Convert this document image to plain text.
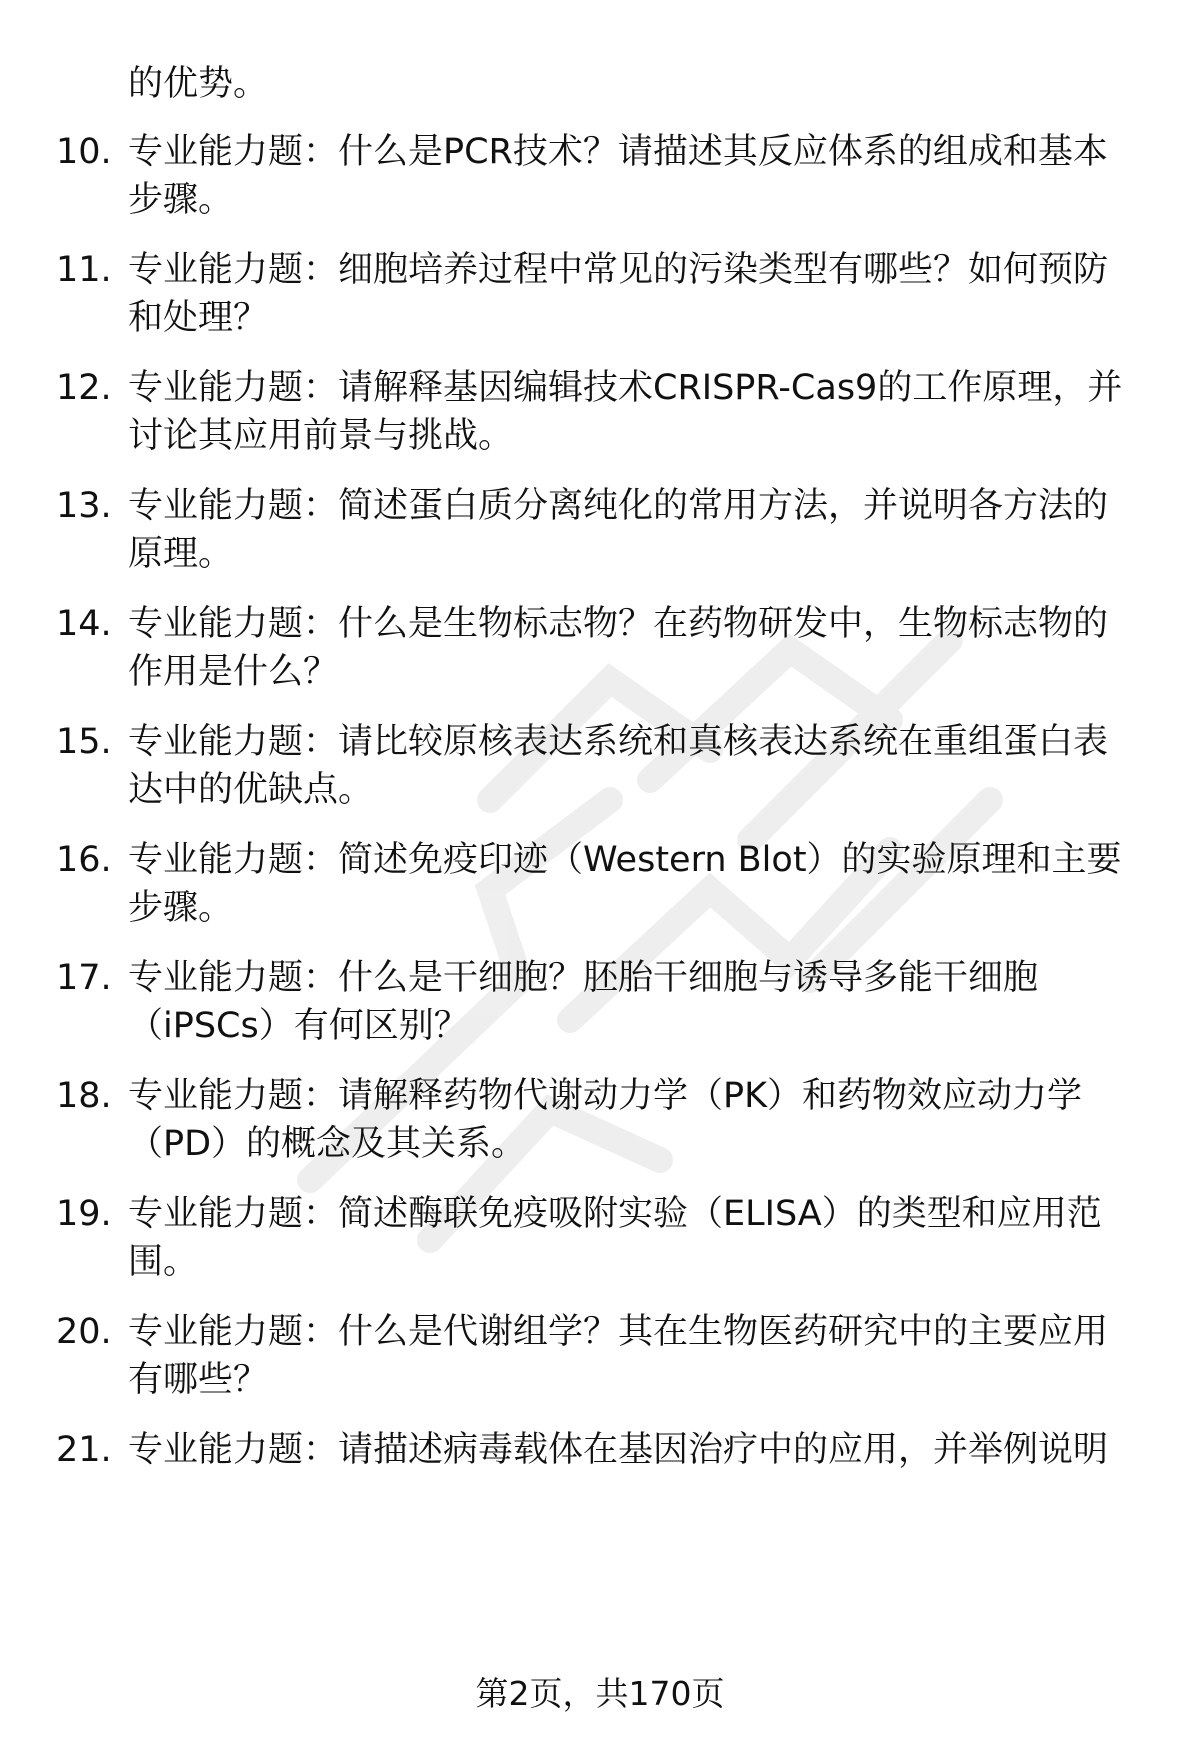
的优势。
10. 专业能力题：什么是PCR技术？请描述其反应体系的组成和基本
步骤。
11. 专业能力题：细胞培养过程中常见的污染类型有哪些？如何预防
和处理？
12. 专业能力题：请解释基因编辑技术CRISPR-Cas9的工作原理，并
讨论其应用前景与挑战。
13. 专业能力题：简述蛋白质分离纯化的常用方法，并说明各方法的
原理。
14. 专业能力题：什么是生物标志物？在药物研发中，生物标志物的
作用是什么？
15. 专业能力题：请比较原核表达系统和真核表达系统在重组蛋白表
达中的优缺点。
16. 专业能力题：简述免疫印迹（Western Blot）的实验原理和主要
步骤。
17. 专业能力题：什么是干细胞？胚胎干细胞与诱导多能干细胞
（iPSCs）有何区别？
18. 专业能力题：请解释药物代谢动力学（PK）和药物效应动力学
（PD）的概念及其关系。
19. 专业能力题：简述酶联免疫吸附实验（ELISA）的类型和应用范
围。
20. 专业能力题：什么是代谢组学？其在生物医药研究中的主要应用
有哪些？
21. 专业能力题：请描述病毒载体在基因治疗中的应用，并举例说明
第2页，共170页
